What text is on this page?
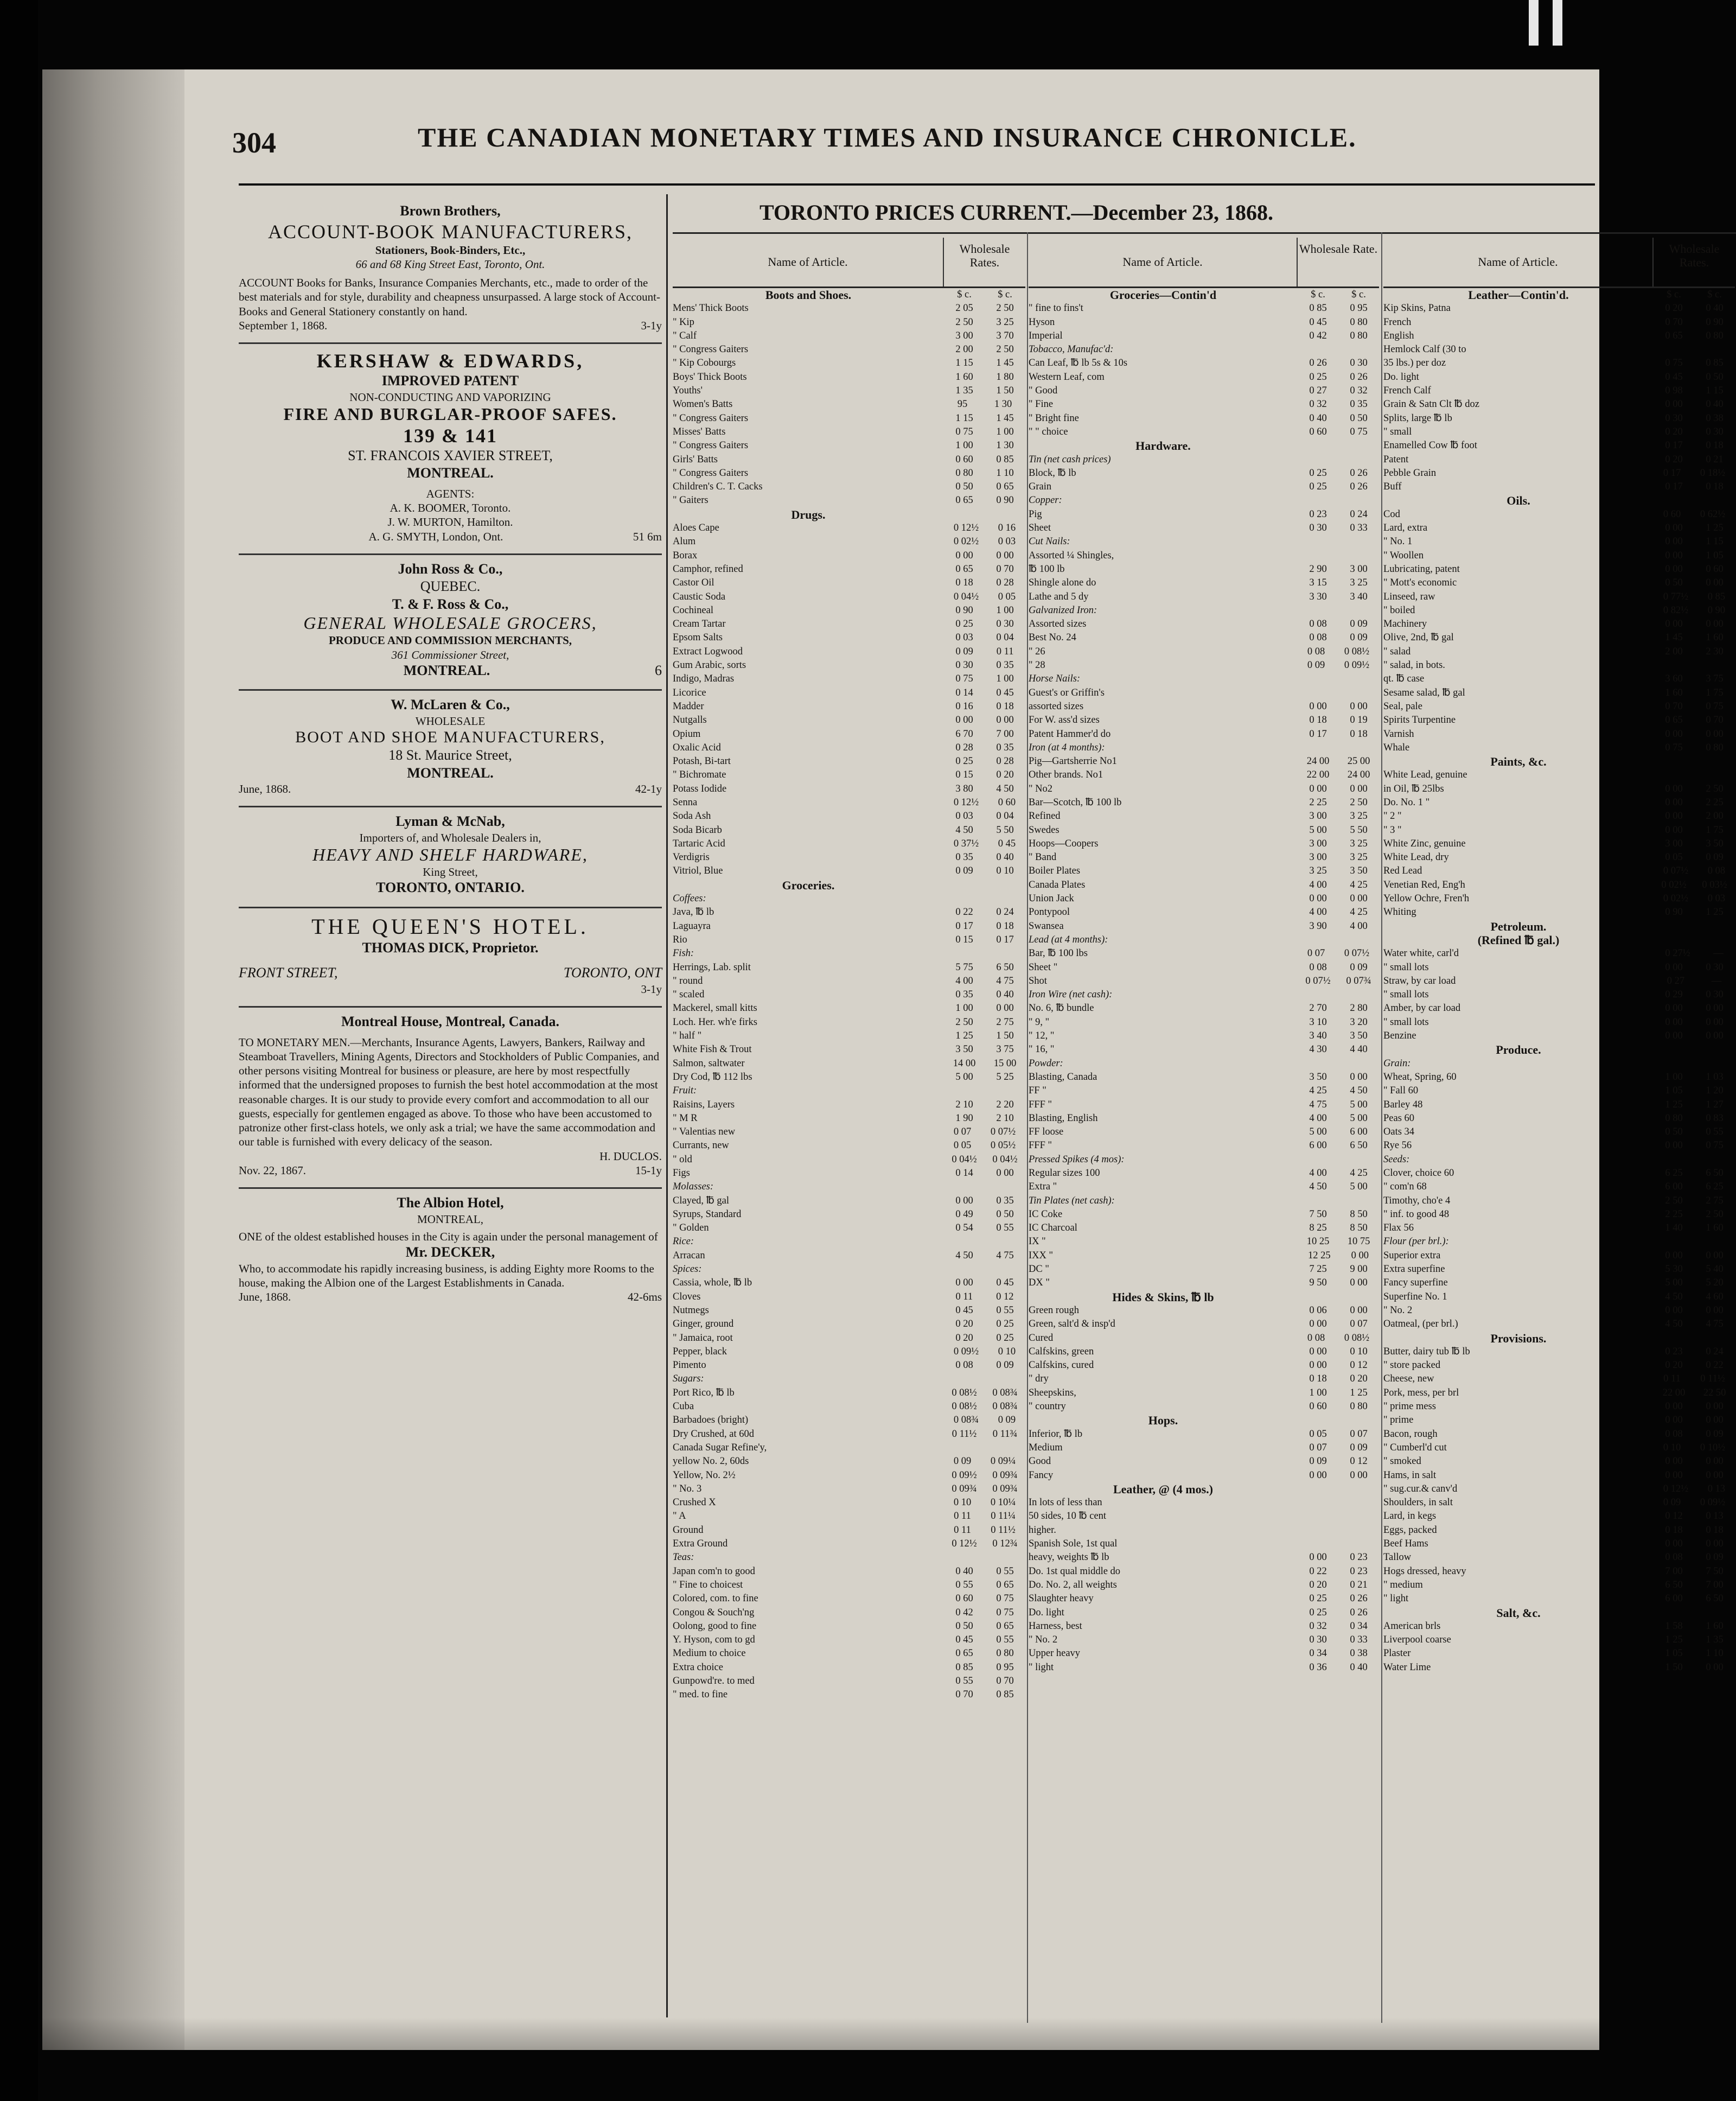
304	THE CANADIAN MONETARY TIMES AND INSURANCE CHRONICLE.
Brown Brothers,
ACCOUNT-BOOK MANUFACTURERS,
Stationers, Book-Binders, Etc.,
66 and 68 King Street East, Toronto, Ont.
ACCOUNT Books for Banks, Insurance Companies Merchants, etc., made to order of the best materials and for style, durability and cheapness unsurpassed. A large stock of Account-Books and General Stationery constantly on hand.
September 1, 1868.	3-1y
KERSHAW & EDWARDS,
IMPROVED PATENT
NON-CONDUCTING AND VAPORIZING
FIRE AND BURGLAR-PROOF SAFES.
139 & 141
ST. FRANCOIS XAVIER STREET,
MONTREAL.
AGENTS:
A. K. BOOMER, Toronto.
J. W. MURTON, Hamilton.
A. G. SMYTH, London, Ont.	51 6m
John Ross & Co.,
QUEBEC.
T. & F. Ross & Co.,
GENERAL WHOLESALE GROCERS,
PRODUCE AND COMMISSION MERCHANTS,
361 Commissioner Street,
MONTREAL.	6
W. McLaren & Co.,
WHOLESALE
BOOT AND SHOE MANUFACTURERS,
18 St. Maurice Street,
MONTREAL.
June, 1868.	42-1y
Lyman & McNab,
Importers of, and Wholesale Dealers in,
HEAVY AND SHELF HARDWARE,
King Street,
TORONTO, ONTARIO.
THE QUEEN'S HOTEL.
THOMAS DICK, Proprietor.
FRONT STREET,	TORONTO, ONT
3-1y
Montreal House, Montreal, Canada.
TO MONETARY MEN.—Merchants, Insurance Agents, Lawyers, Bankers, Railway and Steamboat Travellers, Mining Agents, Directors and Stockholders of Public Companies, and other persons visiting Montreal for business or pleasure, are here by most respectfully informed that the undersigned proposes to furnish the best hotel accommodation at the most reasonable charges. It is our study to provide every comfort and accommodation to all our guests, especially for gentlemen engaged as above. To those who have been accustomed to patronize other first-class hotels, we only ask a trial; we have the same accommodation and our table is furnished with every delicacy of the season.
H. DUCLOS.
Nov. 22, 1867.	15-1y
The Albion Hotel,
MONTREAL,
ONE of the oldest established houses in the City is again under the personal management of
Mr. DECKER,
Who, to accommodate his rapidly increasing business, is adding Eighty more Rooms to the house, making the Albion one of the Largest Establishments in Canada.
June, 1868.	42-6ms
TORONTO PRICES CURRENT.—December 23, 1868.
Name of Article.
Wholesale Rates.
Boots and Shoes.	$ c.	$ c.
Mens' Thick Boots	2 05 2 50
" Kip	2 50 3 25
" Calf	3 00 3 70
" Congress Gaiters	2 00 2 50
" Kip Cobourgs	1 15 1 45
Boys' Thick Boots	1 60 1 80
Youths'	1 35 1 50
Women's Batts	95	1 30
" Congress Gaiters	1 15 1 45
Misses' Batts	0 75 1 00
" Congress Gaiters	1 00 1 30
Girls' Batts	0 60 0 85
" Congress Gaiters	0 80 1 10
Children's C. T. Cacks	0 50 0 65
" Gaiters	0 65 0 90
Drugs.
Aloes Cape	0 12½ 0 16
Alum	0 02½ 0 03
Borax	0 00 0 00
Camphor, refined	0 65 0 70
Castor Oil	0 18 0 28
Caustic Soda	0 04½ 0 05
Cochineal	0 90 1 00
Cream Tartar	0 25 0 30
Epsom Salts	0 03 0 04
Extract Logwood	0 09 0 11
Gum Arabic, sorts	0 30 0 35
Indigo, Madras	0 75 1 00
Licorice	0 14 0 45
Madder	0 16 0 18
Nutgalls	0 00 0 00
Opium	6 70 7 00
Oxalic Acid	0 28 0 35
Potash, Bi-tart	0 25 0 28
" Bichromate	0 15 0 20
Potass Iodide	3 80 4 50
Senna	0 12½ 0 60
Soda Ash	0 03 0 04
Soda Bicarb	4 50 5 50
Tartaric Acid	0 37½ 0 45
Verdigris	0 35 0 40
Vitriol, Blue	0 09 0 10
Groceries.
Coffees:
Java, ℔ lb	0 22 0 24
Laguayra	0 17 0 18
Rio	0 15 0 17
Fish:
Herrings, Lab. split	5 75 6 50
" round	4 00 4 75
" scaled	0 35 0 40
Mackerel, small kitts	1 00 0 00
Loch. Her. wh'e firks	2 50 2 75
" half "	1 25 1 50
White Fish & Trout	3 50 3 75
Salmon, saltwater	14 00 15 00
Dry Cod, ℔ 112 lbs	5 00 5 25
Fruit:
Raisins, Layers	2 10 2 20
" M R	1 90 2 10
" Valentias new	0 07 0 07½
Currants, new	0 05 0 05½
" old	0 04½ 0 04½
Figs	0 14 0 00
Molasses:
Clayed, ℔ gal	0 00 0 35
Syrups, Standard	0 49 0 50
" Golden	0 54 0 55
Rice:
Arracan	4 50 4 75
Spices:
Cassia, whole, ℔ lb	0 00 0 45
Cloves	0 11 0 12
Nutmegs	0 45 0 55
Ginger, ground	0 20 0 25
" Jamaica, root	0 20 0 25
Pepper, black	0 09½ 0 10
Pimento	0 08 0 09
Sugars:
Port Rico, ℔ lb	0 08½ 0 08¾
Cuba	0 08½ 0 08¾
Barbadoes (bright)	0 08¾ 0 09
Dry Crushed, at 60d	0 11½ 0 11¾
Canada Sugar Refine'y,
yellow No. 2, 60ds	0 09 0 09¼
Yellow, No. 2½	0 09½ 0 09¾
" No. 3	0 09¾ 0 09¾
Crushed X	0 10 0 10¼
" A	0 11 0 11¼
Ground	0 11 0 11½
Extra Ground	0 12½ 0 12¾
Teas:
Japan com'n to good	0 40 0 55
" Fine to choicest	0 55 0 65
Colored, com. to fine	0 60 0 75
Congou & Souch'ng	0 42 0 75
Oolong, good to fine	0 50 0 65
Y. Hyson, com to gd	0 45 0 55
Medium to choice	0 65 0 80
Extra choice	0 85 0 95
Gunpowd're. to med	0 55 0 70
" med. to fine	0 70 0 85
Name of Article.
Wholesale Rate.
Groceries—Contin'd	$ c.	$ c.
" fine to fins't	0 85 0 95
Hyson	0 45 0 80
Imperial	0 42 0 80
Tobacco, Manufac'd:
Can Leaf, ℔ lb 5s & 10s	0 26 0 30
Western Leaf, com	0 25 0 26
" Good	0 27 0 32
" Fine	0 32 0 35
" Bright fine	0 40 0 50
" " choice	0 60 0 75
Hardware.
Tin (net cash prices)
Block, ℔ lb	0 25 0 26
Grain	0 25 0 26
Copper:
Pig	0 23 0 24
Sheet	0 30 0 33
Cut Nails:
Assorted ¼ Shingles,
℔ 100 lb	2 90 3 00
Shingle alone do	3 15 3 25
Lathe and 5 dy	3 30 3 40
Galvanized Iron:
Assorted sizes	0 08 0 09
Best No. 24	0 08 0 09
" 26	0 08 0 08½
" 28	0 09 0 09½
Horse Nails:
Guest's or Griffin's
assorted sizes	0 00 0 00
For W. ass'd sizes	0 18 0 19
Patent Hammer'd do	0 17 0 18
Iron (at 4 months):
Pig—Gartsherrie No1	24 00 25 00
Other brands. No1	22 00 24 00
" No2	0 00 0 00
Bar—Scotch, ℔ 100 lb	2 25 2 50
Refined	3 00 3 25
Swedes	5 00 5 50
Hoops—Coopers	3 00 3 25
" Band	3 00 3 25
Boiler Plates	3 25 3 50
Canada Plates	4 00 4 25
Union Jack	0 00 0 00
Pontypool	4 00 4 25
Swansea	3 90 4 00
Lead (at 4 months):
Bar, ℔ 100 lbs	0 07 0 07½
Sheet "	0 08 0 09
Shot	0 07½ 0 07¾
Iron Wire (net cash):
No. 6, ℔ bundle	2 70 2 80
" 9, "	3 10 3 20
" 12, "	3 40 3 50
" 16, "	4 30 4 40
Powder:
Blasting, Canada	3 50 0 00
FF "	4 25 4 50
FFF "	4 75 5 00
Blasting, English	4 00 5 00
FF loose	5 00 6 00
FFF "	6 00 6 50
Pressed Spikes (4 mos):
Regular sizes 100	4 00 4 25
Extra "	4 50 5 00
Tin Plates (net cash):
IC Coke	7 50 8 50
IC Charcoal	8 25 8 50
IX "	10 25 10 75
IXX "	12 25 0 00
DC "	7 25 9 00
DX "	9 50 0 00
Hides & Skins, ℔ lb
Green rough	0 06 0 00
Green, salt'd & insp'd	0 00 0 07
Cured	0 08 0 08½
Calfskins, green	0 00 0 10
Calfskins, cured	0 00 0 12
" dry	0 18 0 20
Sheepskins,	1 00 1 25
" country	0 60 0 80
Hops.
Inferior, ℔ lb	0 05 0 07
Medium	0 07 0 09
Good	0 09 0 12
Fancy	0 00 0 00
Leather, @ (4 mos.)
In lots of less than
50 sides, 10 ℔ cent
higher.
Spanish Sole, 1st qual
heavy, weights ℔ lb	0 00 0 23
Do. 1st qual middle do	0 22 0 23
Do. No. 2, all weights	0 20 0 21
Slaughter heavy	0 25 0 26
Do. light	0 25 0 26
Harness, best	0 32 0 34
" No. 2	0 30 0 33
Upper heavy	0 34 0 38
" light	0 36 0 40
Name of Article.
Wholesale Rates.
Leather—Contin'd.	$ c.	$ c.
Kip Skins, Patna	0 20 0 40
French	0 70 0 90
English	0 65 0 80
Hemlock Calf (30 to
35 lbs.) per doz	0 75 0 85
Do. light	0 45 0 50
French Calf	0 98 1 15
Grain & Satn Clt ℔ doz	0 00 0 40
Splits, large ℔ lb	0 30 0 38
" small	0 20 0 30
Enamelled Cow ℔ foot	0 17 0 18
Patent	0 20 0 21
Pebble Grain	0 17 0 18½
Buff	0 17 0 18
Oils.
Cod	0 60 0 62½
Lard, extra	0 00 1 25
" No. 1	0 00 1 15
" Woollen	0 00 1 05
Lubricating, patent	0 00 0 60
" Mott's economic	0 50 0 00
Linseed, raw	0 77½ 0 85
" boiled	0 82½ 0 90
Machinery	0 00 0 00
Olive, 2nd, ℔ gal	1 45 1 60
" salad	2 00 2 30
" salad, in bots.
qt. ℔ case	3 60 3 75
Sesame salad, ℔ gal	1 60 1 75
Seal, pale	0 70 0 75
Spirits Turpentine	0 65 0 70
Varnish	0 00 0 00
Whale	0 75 0 80
Paints, &c.
White Lead, genuine
in Oil, ℔ 25lbs	0 00 2 50
Do. No. 1 "	0 00 2 25
" 2 "	0 00 2 00
" 3 "	0 00 1 75
White Zinc, genuine	3 00 3 50
White Lead, dry	0 05 0 09
Red Lead	0 07½ 0 08
Venetian Red, Eng'h	0 02½ 0 03½
Yellow Ochre, Fren'h	0 02½ 0 03
Whiting	0 90 1 25
Petroleum.
(Refined ℔ gal.)
Water white, carl'd	0 27½ —
" small lots	0 00 0 30
Straw, by car load	0 27	—
" small lots	0 29 0 30
Amber, by car load	0 00 0 00
" small lots	0 00 0 00
Benzine	0 00 0 00
Produce.
Grain:
Wheat, Spring, 60	1 00 1 03
" Fall 60	1 05 1 20
Barley 48	1 25 1 27
Peas 60	0 80 0 83
Oats 34	0 50 0 55
Rye 56	0 00 0 75
Seeds:
Clover, choice 60	6 25 6 50
" com'n 68	6 00 6 25
Timothy, cho'e 4	2 50 2 75
" inf. to good 48	2 25 2 50
Flax 56	1 40 1 60
Flour (per brl.):
Superior extra	0 00 0 00
Extra superfine	5 30 5 40
Fancy superfine	5 00 5 20
Superfine No. 1	4 50 4 60
" No. 2	0 00 0 00
Oatmeal, (per brl.)	4 50 4 75
Provisions.
Butter, dairy tub ℔ lb	0 23 0 24
" store packed	0 20 0 22
Cheese, new	0 11 0 11½
Pork, mess, per brl	22 00 22 50
" prime mess	0 00 0 00
" prime	0 00 0 00
Bacon, rough	0 08 0 09
" Cumberl'd cut	0 10 0 10½
" smoked	0 00 0 00
Hams, in salt	0 00 0 00
" sug.cur.& canv'd	0 12½ 0 13
Shoulders, in salt	0 09 0 09½
Lard, in kegs	0 12 0 13
Eggs, packed	0 18 0 18
Beef Hams	0 00 0 00
Tallow	0 08 0 09
Hogs dressed, heavy	7 00 7 50
" medium	6 50 7 00
" light	6 00 6 50
Salt, &c.
American brls	1 58 1 60
Liverpool coarse	1 25 1 35
Plaster	1 05 1 10
Water Lime	1 50 0 00
